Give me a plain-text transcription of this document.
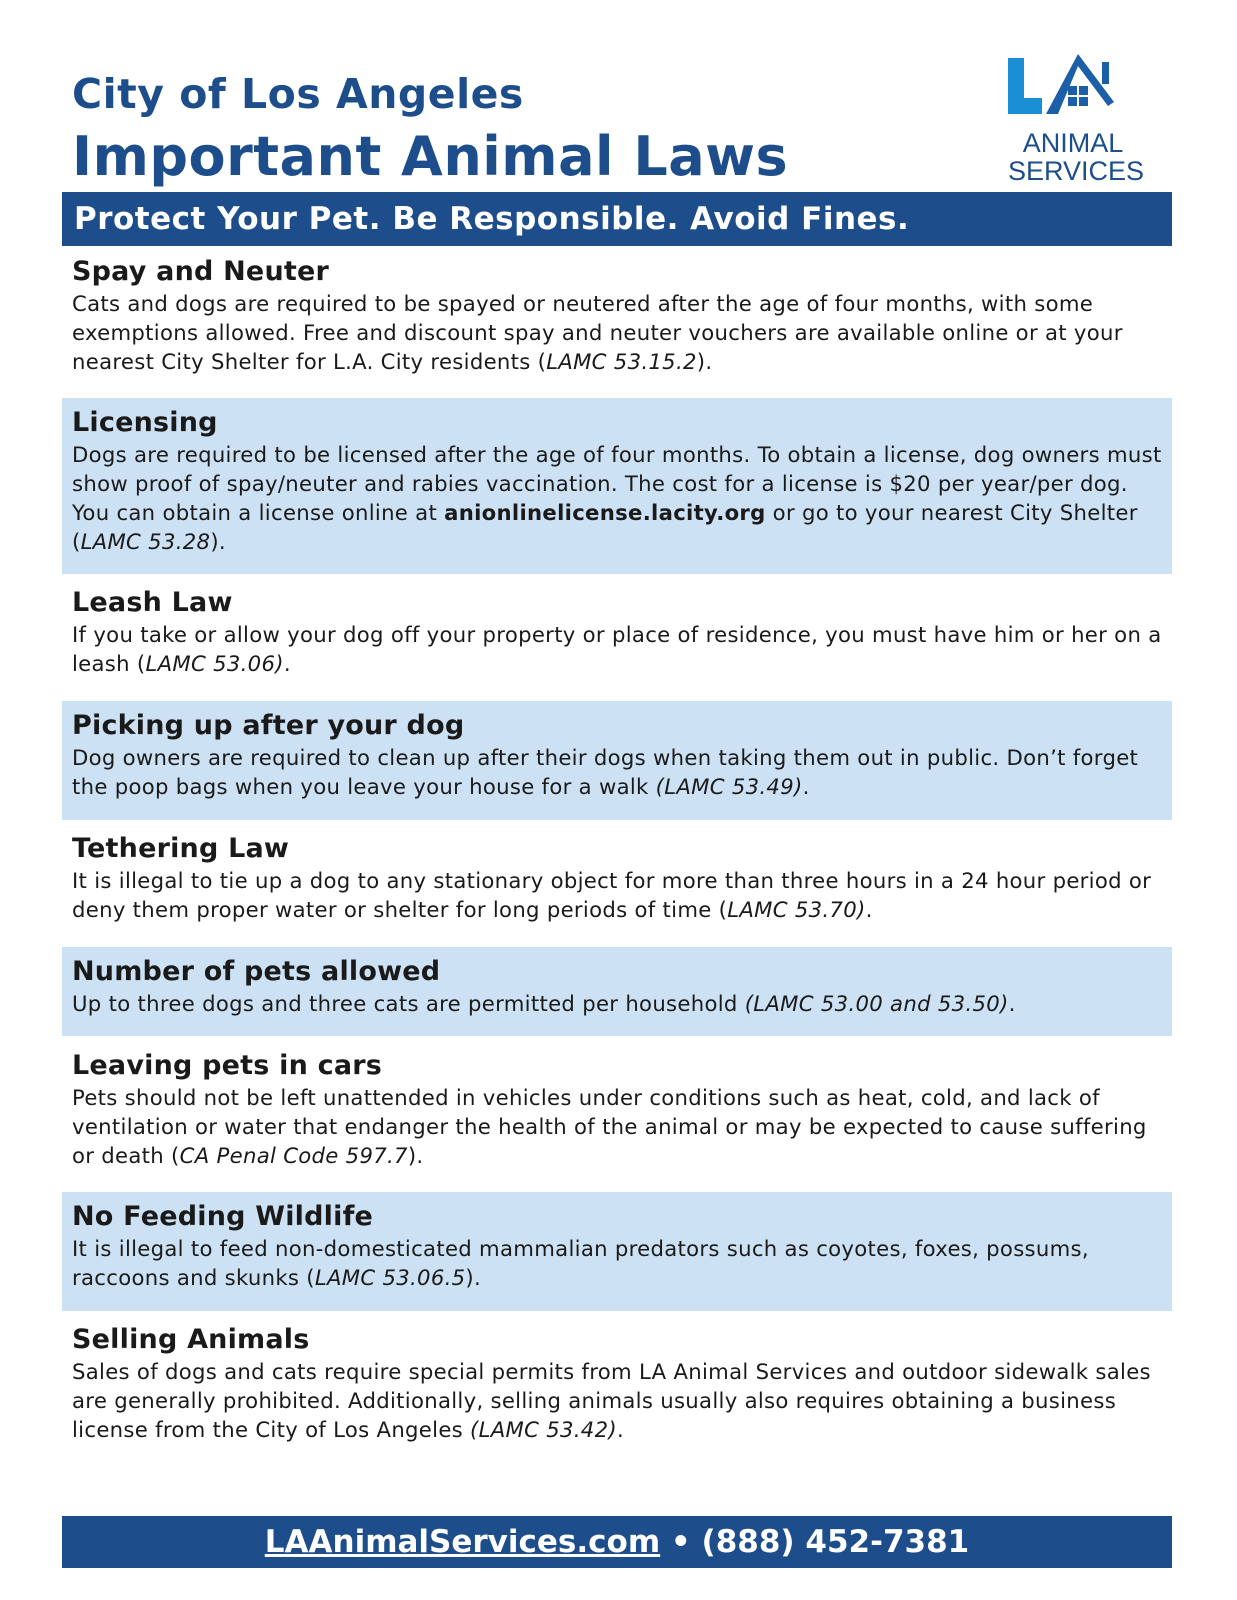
City of Los Angeles
Important Animal Laws	ANIMAL
SERVICES
Protect Your Pet. Be Responsible. Avoid Fines.
Spay and Neuter

Cats and dogs are required to be spayed or neutered after the age of four months, with some exemptions allowed. Free and discount spay and neuter vouchers are available online or at your nearest City Shelter for L.A. City residents (LAMC 53.15.2).

Licensing

Dogs are required to be licensed after the age of four months. To obtain a license, dog owners must show proof of spay/neuter and rabies vaccination. The cost for a license is $20 per year/per dog. You can obtain a license online at anionlinelicense.lacity.org or go to your nearest City Shelter (LAMC 53.28).

Leash Law

If you take or allow your dog off your property or place of residence, you must have him or her on a leash (LAMC 53.06).

Picking up after your dog

Dog owners are required to clean up after their dogs when taking them out in public. Don’t forget the poop bags when you leave your house for a walk (LAMC 53.49).

Tethering Law

It is illegal to tie up a dog to any stationary object for more than three hours in a 24 hour period or deny them proper water or shelter for long periods of time (LAMC 53.70).

Number of pets allowed

Up to three dogs and three cats are permitted per household (LAMC 53.00 and 53.50).

Leaving pets in cars

Pets should not be left unattended in vehicles under conditions such as heat, cold, and lack of ventilation or water that endanger the health of the animal or may be expected to cause suffering or death (CA Penal Code 597.7).

No Feeding Wildlife

It is illegal to feed non-domesticated mammalian predators such as coyotes, foxes, possums, raccoons and skunks (LAMC 53.06.5).

Selling Animals

Sales of dogs and cats require special permits from LA Animal Services and outdoor sidewalk sales are generally prohibited. Additionally, selling animals usually also requires obtaining a business license from the City of Los Angeles (LAMC 53.42).

LAAnimalServices.com • (888) 452-7381
